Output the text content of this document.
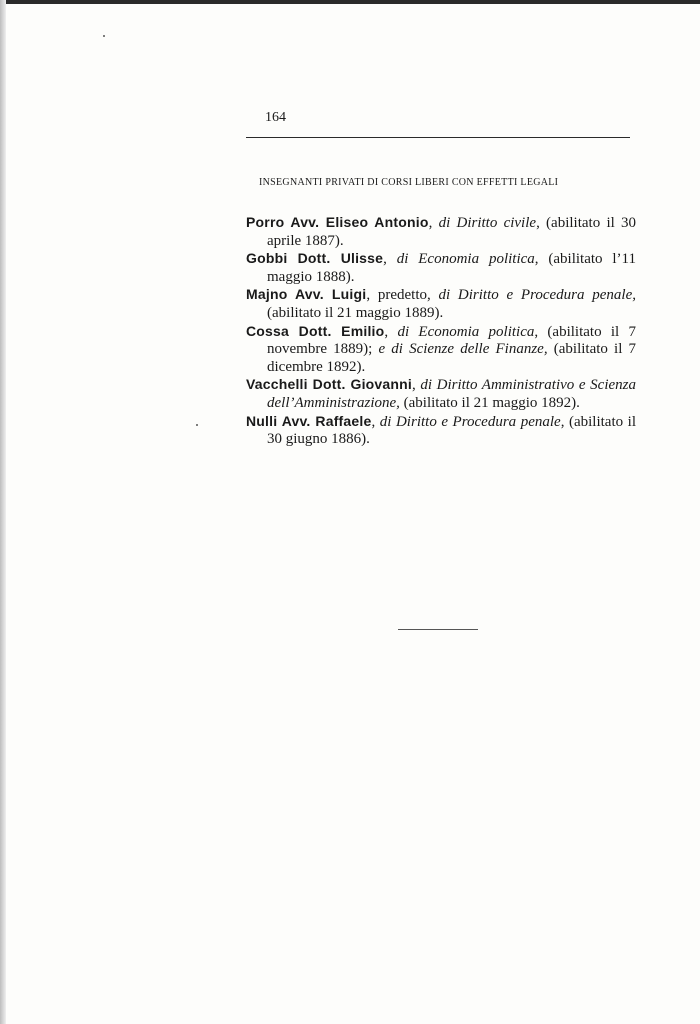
164
INSEGNANTI PRIVATI DI CORSI LIBERI CON EFFETTI LEGALI
Porro Avv. Eliseo Antonio, di Diritto civile, (abilitato il 30 aprile 1887).
Gobbi Dott. Ulisse, di Economia politica, (abilitato l’11 maggio 1888).
Majno Avv. Luigi, predetto, di Diritto e Procedura penale, (abilitato il 21 maggio 1889).
Cossa Dott. Emilio, di Economia politica, (abilitato il 7 novembre 1889); e di Scienze delle Finanze, (abilitato il 7 dicembre 1892).
Vacchelli Dott. Giovanni, di Diritto Amministrativo e Scienza dell’Amministrazione, (abilitato il 21 maggio 1892).
Nulli Avv. Raffaele, di Diritto e Procedura penale, (abilitato il 30 giugno 1886).
